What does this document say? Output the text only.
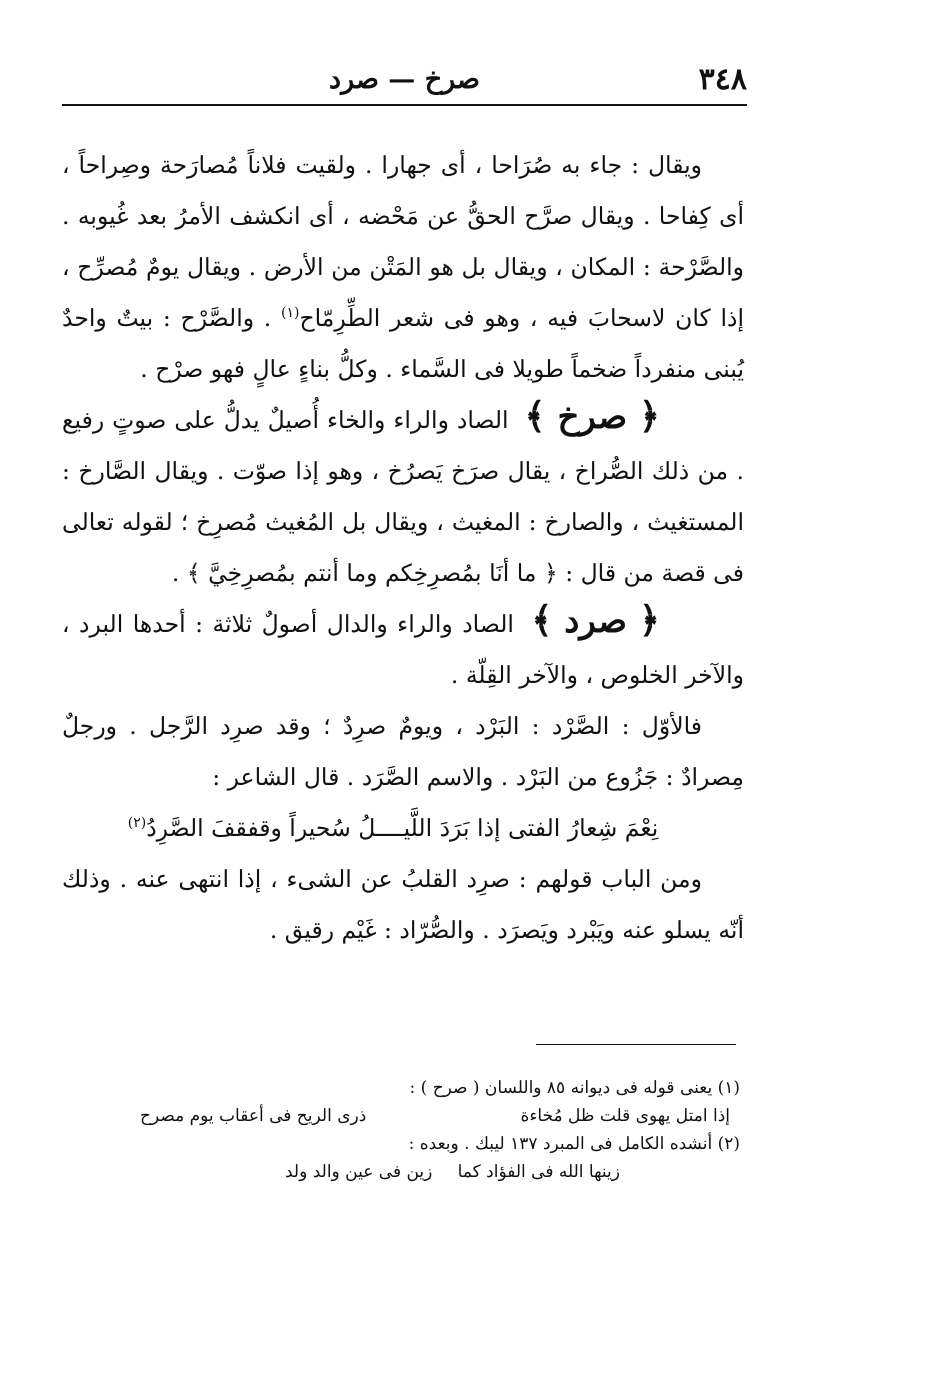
٣٤٨
صرخ — صرد

ويقال : جاء به صُرَاحا ، أى جهارا . ولقيت فلاناً مُصارَحة وصِراحاً ، أى كِفاحا . ويقال صرَّح الحقُّ عن مَحْضه ، أى انكشف الأمرُ بعد غُيوبه . والصَّرْحة : المكان ، ويقال بل هو المَتْن من الأرض . ويقال يومٌ مُصرِّح ، إذا كان لاسحابَ فيه ، وهو فى شعر الطِّرِمّاح$^{(١)}$ . والصَّرْح : بيتٌ واحدٌ يُبنى منفرداً ضخماً طويلا فى السَّماء . وكلُّ بناءٍ عالٍ فهو صرْح .

﴿ صرخ ﴾ الصاد والراء والخاء أُصيلٌ يدلُّ على صوتٍ رفيع . من ذلك الصُّراخ ، يقال صرَخ يَصرُخ ، وهو إذا صوّت . ويقال الصَّارخ : المستغيث ، والصارخ : المغيث ، ويقال بل المُغيث مُصرِخ ؛ لقوله تعالى فى قصة من قال : ﴿ ما أنَا بمُصرِخِكم وما أنتم بمُصرِخِيَّ ﴾ .

﴿ صرد ﴾ الصاد والراء والدال أصولٌ ثلاثة : أحدها البرد ، والآخر الخلوص ، والآخر القِلّة .

فالأوّل : الصَّرْد : البَرْد ، ويومٌ صرِدٌ ؛ وقد صرِد الرَّجل . ورجلٌ مِصرادٌ : جَزُوع من البَرْد . والاسم الصَّرَد . قال الشاعر :

نِعْمَ شِعارُ الفتى إذا بَرَدَ اللَّيــــلُ سُحيراً وقفقفَ الصَّرِدُ$^{(٢)}$

ومن الباب قولهم : صرِد القلبُ عن الشىء ، إذا انتهى عنه . وذلك أنّه يسلو عنه ويَبْرد ويَصرَد . والصُّرّاد : غَيْم رقيق .

(١) يعنى قوله فى ديوانه ٨٥ واللسان ( صرح ) :

إذا امتل يهوى قلت ظل مُخاءة
ذرى الريح فى أعقاب يوم مصرح

(٢) أنشده الكامل فى المبرد ١٣٧ ليبك . وبعده :

زينها الله فى الفؤاد كما
زين فى عين والد ولد
